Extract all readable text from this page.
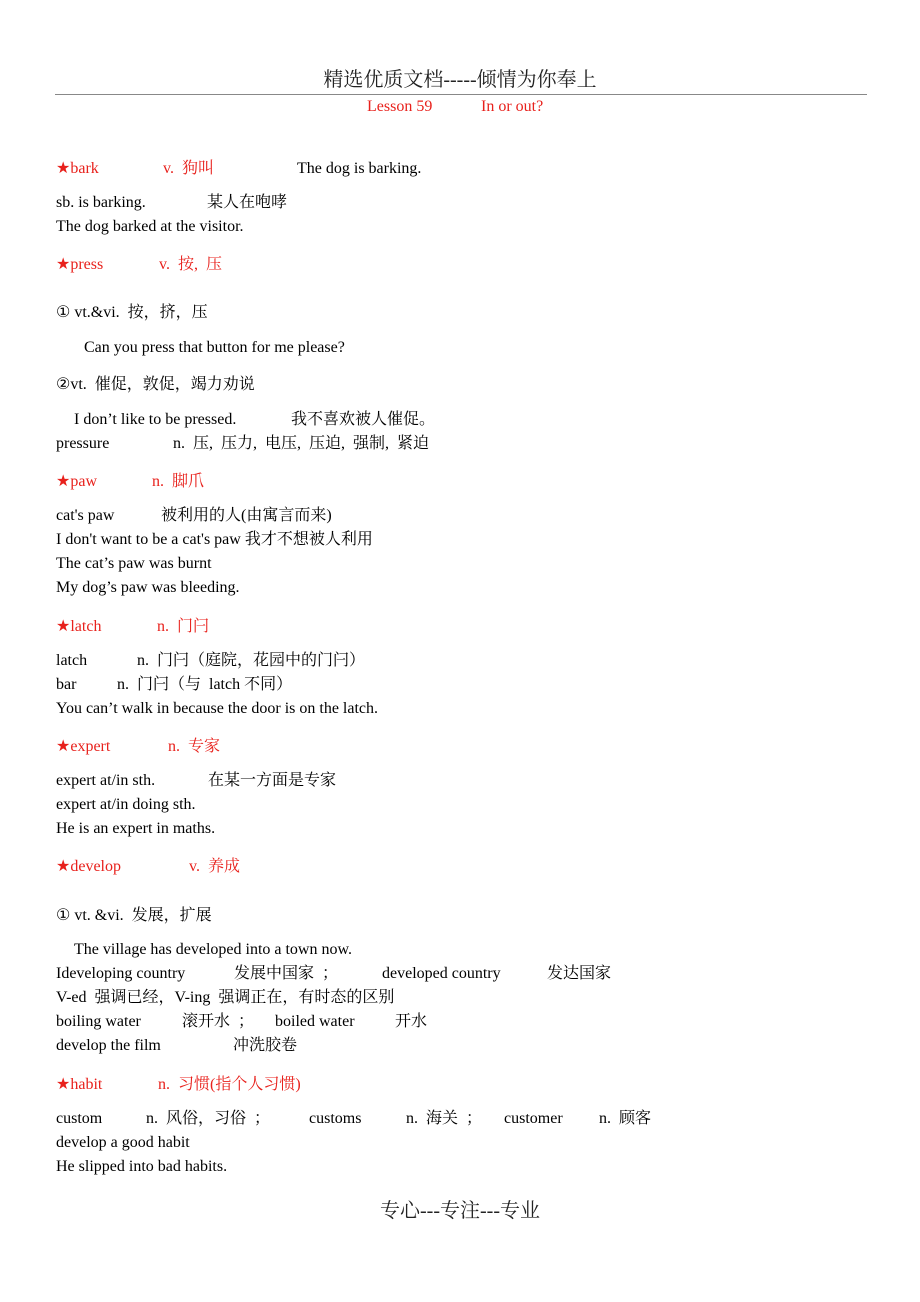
精选优质文档-----倾情为你奉上
Lesson 59	In or out?
★bark	v.  狗叫	The dog is barking.
sb. is barking.	某人在咆哮
The dog barked at the visitor.
★press	v.  按,  压
① vt.&vi.  按，挤，压
Can you press that button for me please?
②vt.  催促，敦促，竭力劝说
I don’t like to be pressed.	我不喜欢被人催促。
pressure	n.  压,  压力,  电压,  压迫,  强制,  紧迫
★paw	n.  脚爪
cat's paw	被利用的人(由寓言而来)
I don't want to be a cat's paw 我才不想被人利用
The cat’s paw was burnt
My dog’s paw was bleeding.
★latch	n.  门闩
latch	n.  门闩（庭院，花园中的门闩）
bar	n.  门闩（与  latch 不同）
You can’t walk in because the door is on the latch.
★expert	n.  专家
expert at/in sth.	在某一方面是专家
expert at/in doing sth.
He is an expert in maths.
★develop	v.  养成
① vt. &vi.  发展，扩展
The village has developed into a town now.
Ideveloping country	发展中国家  ；	developed country	发达国家
V-ed  强调已经，V-ing  强调正在，有时态的区别
boiling water	滚开水  ； boiled water	开水
develop the film	冲洗胶卷
★habit	n.  习惯(指个人习惯)
custom	n.  风俗，习俗  ； customs	n.  海关  ； customer n.  顾客
develop a good habit
He slipped into bad habits.
专心---专注---专业
